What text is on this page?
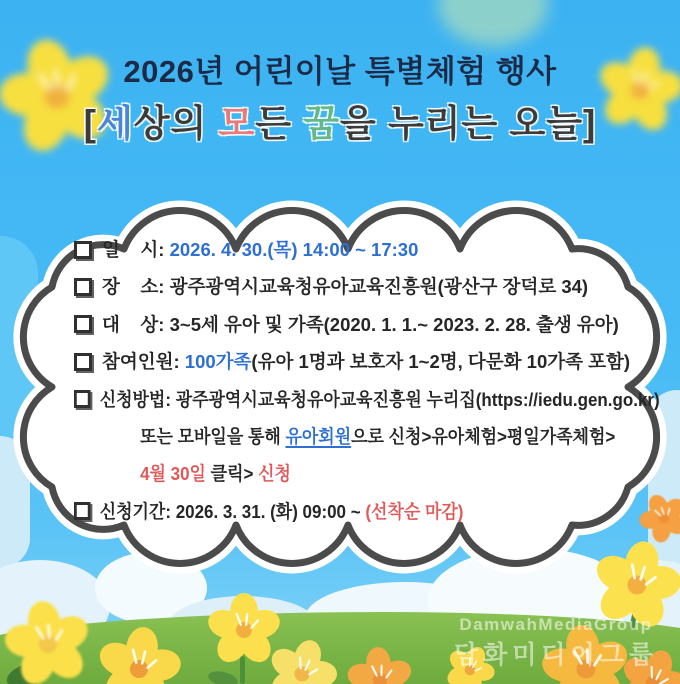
2026년 어린이날 특별체험 행사
[세상의 모든 꿈을 누리는 오늘]
일    시: 2026. 4. 30.(목) 14:00 ~ 17:30
장    소: 광주광역시교육청유아교육진흥원(광산구 장덕로 34)
대    상: 3~5세 유아 및 가족(2020. 1. 1.~ 2023. 2. 28. 출생 유아)
참여인원: 100가족 (유아 1명과 보호자 1~2명, 다문화 10가족 포함)
신청방법: 광주광역시교육청유아교육진흥원 누리집(https://iedu.gen.go.kr)
또는 모바일을 통해 유아회원 으로 신청>유아체험>평일가족체험>
4월 30일 클릭> 신청
신청기간: 2026. 3. 31. (화) 09:00 ~ (선착순 마감)
DamwahMediaGroup
담화미디어그룹
